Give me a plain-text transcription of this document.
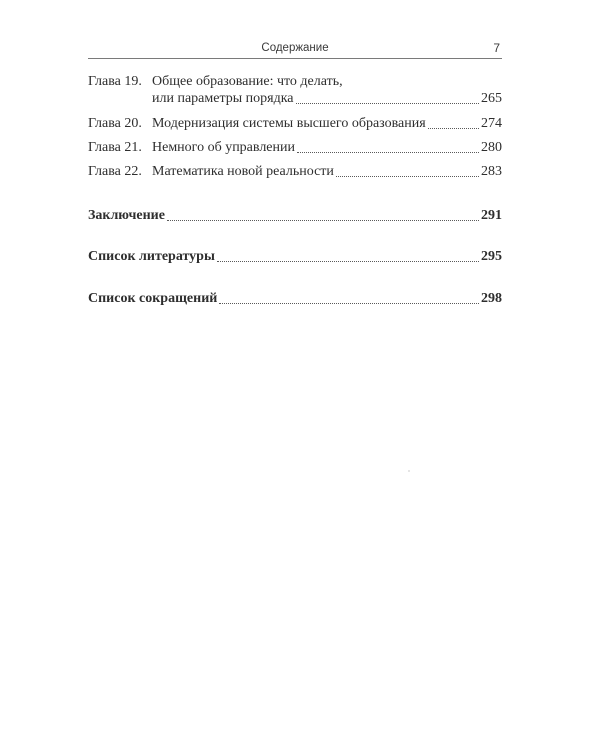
Содержание	7
Глава 19. Общее образование: что делать,
или параметры порядка	265
Глава 20. Модернизация системы высшего образования	274
Глава 21. Немного об управлении	280
Глава 22. Математика новой реальности	283
Заключение	291
Список литературы	295
Список сокращений	298
